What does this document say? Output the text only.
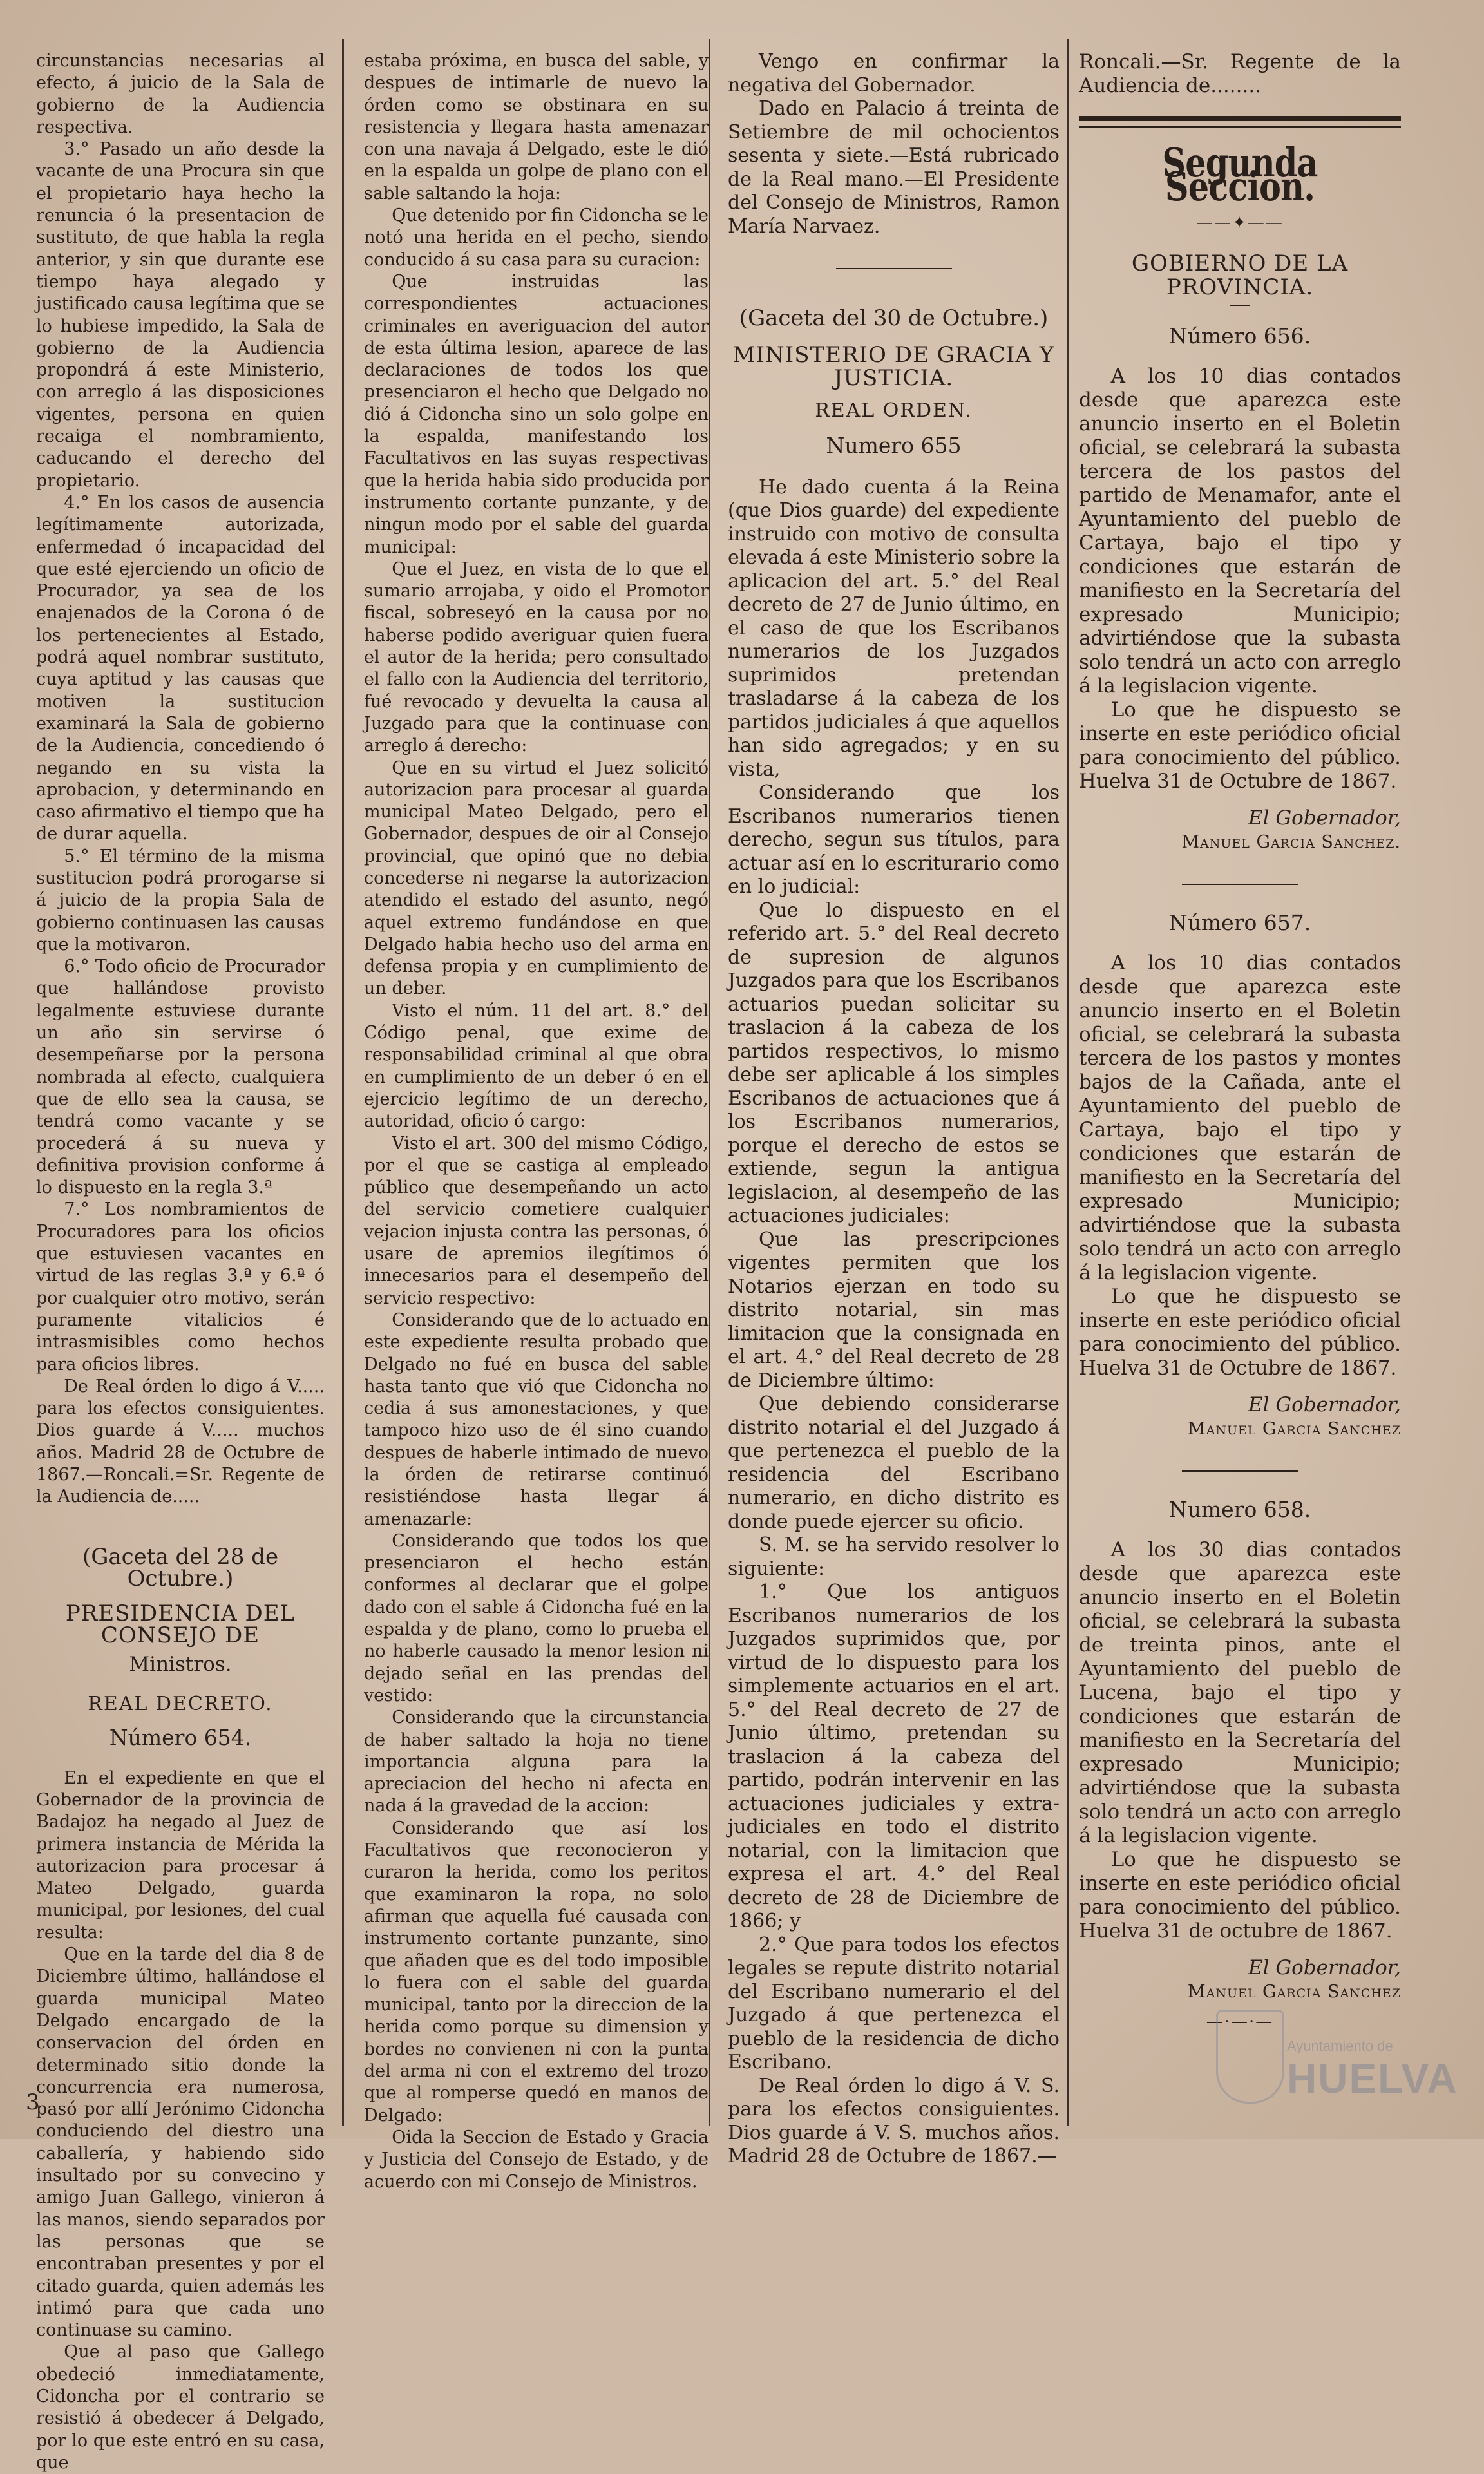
circunstancias necesarias al efecto, á juicio de la Sala de gobierno de la Audiencia respectiva.

3.° Pasado un año desde la vacante de una Procura sin que el propietario haya hecho la renuncia ó la presentacion de sustituto, de que habla la regla anterior, y sin que durante ese tiempo haya alegado y justificado causa legítima que se lo hubiese impedido, la Sala de gobierno de la Audiencia propondrá á este Ministerio, con arreglo á las disposiciones vigentes, persona en quien recaiga el nombramiento, caducando el derecho del propietario.

4.° En los casos de ausencia legítimamente autorizada, enfermedad ó incapacidad del que esté ejerciendo un oficio de Procurador, ya sea de los enajenados de la Corona ó de los pertenecientes al Estado, podrá aquel nombrar sustituto, cuya aptitud y las causas que motiven la sustitucion examinará la Sala de gobierno de la Audiencia, concediendo ó negando en su vista la aprobacion, y determinando en caso afirmativo el tiempo que ha de durar aquella.

5.° El término de la misma sustitucion podrá prorogarse si á juicio de la propia Sala de gobierno continuasen las causas que la motivaron.

6.° Todo oficio de Procurador que hallándose provisto legalmente estuviese durante un año sin servirse ó desempeñarse por la persona nombrada al efecto, cualquiera que de ello sea la causa, se tendrá como vacante y se procederá á su nueva y definitiva provision conforme á lo dispuesto en la regla 3.ª

7.° Los nombramientos de Procuradores para los oficios que estuviesen vacantes en virtud de las reglas 3.ª y 6.ª ó por cualquier otro motivo, serán puramente vitalicios é intrasmisibles como hechos para oficios libres.

De Real órden lo digo á V..... para los efectos consiguientes. Dios guarde á V..... muchos años. Madrid 28 de Octubre de 1867.—Roncali.=Sr. Regente de la Audiencia de.....

(Gaceta del 28 de Octubre.)
PRESIDENCIA DEL CONSEJO DE
Ministros.
REAL DECRETO.
Número 654.

En el expediente en que el Gobernador de la provincia de Badajoz ha negado al Juez de primera instancia de Mérida la autorizacion para procesar á Mateo Delgado, guarda municipal, por lesiones, del cual resulta:

Que en la tarde del dia 8 de Diciembre último, hallándose el guarda municipal Mateo Delgado encargado de la conservacion del órden en determinado sitio donde la concurrencia era numerosa, pasó por allí Jerónimo Cidoncha conduciendo del diestro una caballería, y habiendo sido insultado por su convecino y amigo Juan Gallego, vinieron á las manos, siendo separados por las personas que se encontraban presentes y por el citado guarda, quien además les intimó para que cada uno continuase su camino.

Que al paso que Gallego obedeció inmediatamente, Cidoncha por el contrario se resistió á obedecer á Delgado, por lo que este entró en su casa, que

estaba próxima, en busca del sable, y despues de intimarle de nuevo la órden como se obstinara en su resistencia y llegara hasta amenazar con una navaja á Delgado, este le dió en la espalda un golpe de plano con el sable saltando la hoja:

Que detenido por fin Cidoncha se le notó una herida en el pecho, siendo conducido á su casa para su curacion:

Que instruidas las correspondientes actuaciones criminales en averiguacion del autor de esta última lesion, aparece de las declaraciones de todos los que presenciaron el hecho que Delgado no dió á Cidoncha sino un solo golpe en la espalda, manifestando los Facultativos en las suyas respectivas que la herida habia sido producida por instrumento cortante punzante, y de ningun modo por el sable del guarda municipal:

Que el Juez, en vista de lo que el sumario arrojaba, y oido el Promotor fiscal, sobreseyó en la causa por no haberse podido averiguar quien fuera el autor de la herida; pero consultado el fallo con la Audiencia del territorio, fué revocado y devuelta la causa al Juzgado para que la continuase con arreglo á derecho:

Que en su virtud el Juez solicitó autorizacion para procesar al guarda municipal Mateo Delgado, pero el Gobernador, despues de oir al Consejo provincial, que opinó que no debia concederse ni negarse la autorizacion atendido el estado del asunto, negó aquel extremo fundándose en que Delgado habia hecho uso del arma en defensa propia y en cumplimiento de un deber.

Visto el núm. 11 del art. 8.° del Código penal, que exime de responsabilidad criminal al que obra en cumplimiento de un deber ó en el ejercicio legítimo de un derecho, autoridad, oficio ó cargo:

Visto el art. 300 del mismo Código, por el que se castiga al empleado público que desempeñando un acto del servicio cometiere cualquier vejacion injusta contra las personas, ó usare de apremios ilegítimos ó innecesarios para el desempeño del servicio respectivo:

Considerando que de lo actuado en este expediente resulta probado que Delgado no fué en busca del sable hasta tanto que vió que Cidoncha no cedia á sus amonestaciones, y que tampoco hizo uso de él sino cuando despues de haberle intimado de nuevo la órden de retirarse continuó resistiéndose hasta llegar á amenazarle:

Considerando que todos los que presenciaron el hecho están conformes al declarar que el golpe dado con el sable á Cidoncha fué en la espalda y de plano, como lo prueba el no haberle causado la menor lesion ni dejado señal en las prendas del vestido:

Considerando que la circunstancia de haber saltado la hoja no tiene importancia alguna para la apreciacion del hecho ni afecta en nada á la gravedad de la accion:

Considerando que así los Facultativos que reconocieron y curaron la herida, como los peritos que examinaron la ropa, no solo afirman que aquella fué causada con instrumento cortante punzante, sino que añaden que es del todo imposible lo fuera con el sable del guarda municipal, tanto por la direccion de la herida como porque su dimension y bordes no convienen ni con la punta del arma ni con el extremo del trozo que al romperse quedó en manos de Delgado:

Oida la Seccion de Estado y Gracia y Justicia del Consejo de Estado, y de acuerdo con mi Consejo de Ministros.

Vengo en confirmar la negativa del Gobernador.

Dado en Palacio á treinta de Setiembre de mil ochocientos sesenta y siete.—Está rubricado de la Real mano.—El Presidente del Consejo de Ministros, Ramon María Narvaez.

(Gaceta del 30 de Octubre.)
MINISTERIO DE GRACIA Y JUSTICIA.
REAL ORDEN.
Numero 655

He dado cuenta á la Reina (que Dios guarde) del expediente instruido con motivo de consulta elevada á este Ministerio sobre la aplicacion del art. 5.° del Real decreto de 27 de Junio último, en el caso de que los Escribanos numerarios de los Juzgados suprimidos pretendan trasladarse á la cabeza de los partidos judiciales á que aquellos han sido agregados; y en su vista,

Considerando que los Escribanos numerarios tienen derecho, segun sus títulos, para actuar así en lo escriturario como en lo judicial:

Que lo dispuesto en el referido art. 5.° del Real decreto de supresion de algunos Juzgados para que los Escribanos actuarios puedan solicitar su traslacion á la cabeza de los partidos respectivos, lo mismo debe ser aplicable á los simples Escribanos de actuaciones que á los Escribanos numerarios, porque el derecho de estos se extiende, segun la antigua legislacion, al desempeño de las actuaciones judiciales:

Que las prescripciones vigentes permiten que los Notarios ejerzan en todo su distrito notarial, sin mas limitacion que la consignada en el art. 4.° del Real decreto de 28 de Diciembre último:

Que debiendo considerarse distrito notarial el del Juzgado á que pertenezca el pueblo de la residencia del Escribano numerario, en dicho distrito es donde puede ejercer su oficio.

S. M. se ha servido resolver lo siguiente:

1.° Que los antiguos Escribanos numerarios de los Juzgados suprimidos que, por virtud de lo dispuesto para los simplemente actuarios en el art. 5.° del Real decreto de 27 de Junio último, pretendan su traslacion á la cabeza del partido, podrán intervenir en las actuaciones judiciales y extra-judiciales en todo el distrito notarial, con la limitacion que expresa el art. 4.° del Real decreto de 28 de Diciembre de 1866; y

2.° Que para todos los efectos legales se repute distrito notarial del Escribano numerario el del Juzgado á que pertenezca el pueblo de la residencia de dicho Escribano.

De Real órden lo digo á V. S. para los efectos consiguientes. Dios guarde á V. S. muchos años. Madrid 28 de Octubre de 1867.—

Roncali.—Sr. Regente de la Audiencia de........

Segunda Seccion.
——✦——
GOBIERNO DE LA PROVINCIA.
Número 656.

A los 10 dias contados desde que aparezca este anuncio inserto en el Boletin oficial, se celebrará la subasta tercera de los pastos del partido de Menamafor, ante el Ayuntamiento del pueblo de Cartaya, bajo el tipo y condiciones que estarán de manifiesto en la Secretaría del expresado Municipio; advirtiéndose que la subasta solo tendrá un acto con arreglo á la legislacion vigente.

Lo que he dispuesto se inserte en este periódico oficial para conocimiento del público. Huelva 31 de Octubre de 1867.

El Gobernador,
Manuel Garcia Sanchez.
Número 657.

A los 10 dias contados desde que aparezca este anuncio inserto en el Boletin oficial, se celebrará la subasta tercera de los pastos y montes bajos de la Cañada, ante el Ayuntamiento del pueblo de Cartaya, bajo el tipo y condiciones que estarán de manifiesto en la Secretaría del expresado Municipio; advirtiéndose que la subasta solo tendrá un acto con arreglo á la legislacion vigente.

Lo que he dispuesto se inserte en este periódico oficial para conocimiento del público. Huelva 31 de Octubre de 1867.

El Gobernador,
Manuel Garcia Sanchez
Numero 658.

A los 30 dias contados desde que aparezca este anuncio inserto en el Boletin oficial, se celebrará la subasta de treinta pinos, ante el Ayuntamiento del pueblo de Lucena, bajo el tipo y condiciones que estarán de manifiesto en la Secretaría del expresado Municipio; advirtiéndose que la subasta solo tendrá un acto con arreglo á la legislacion vigente.

Lo que he dispuesto se inserte en este periódico oficial para conocimiento del público. Huelva 31 de octubre de 1867.

El Gobernador,
Manuel Garcia Sanchez
—·—·—
3
Ayuntamiento de
HUELVA
